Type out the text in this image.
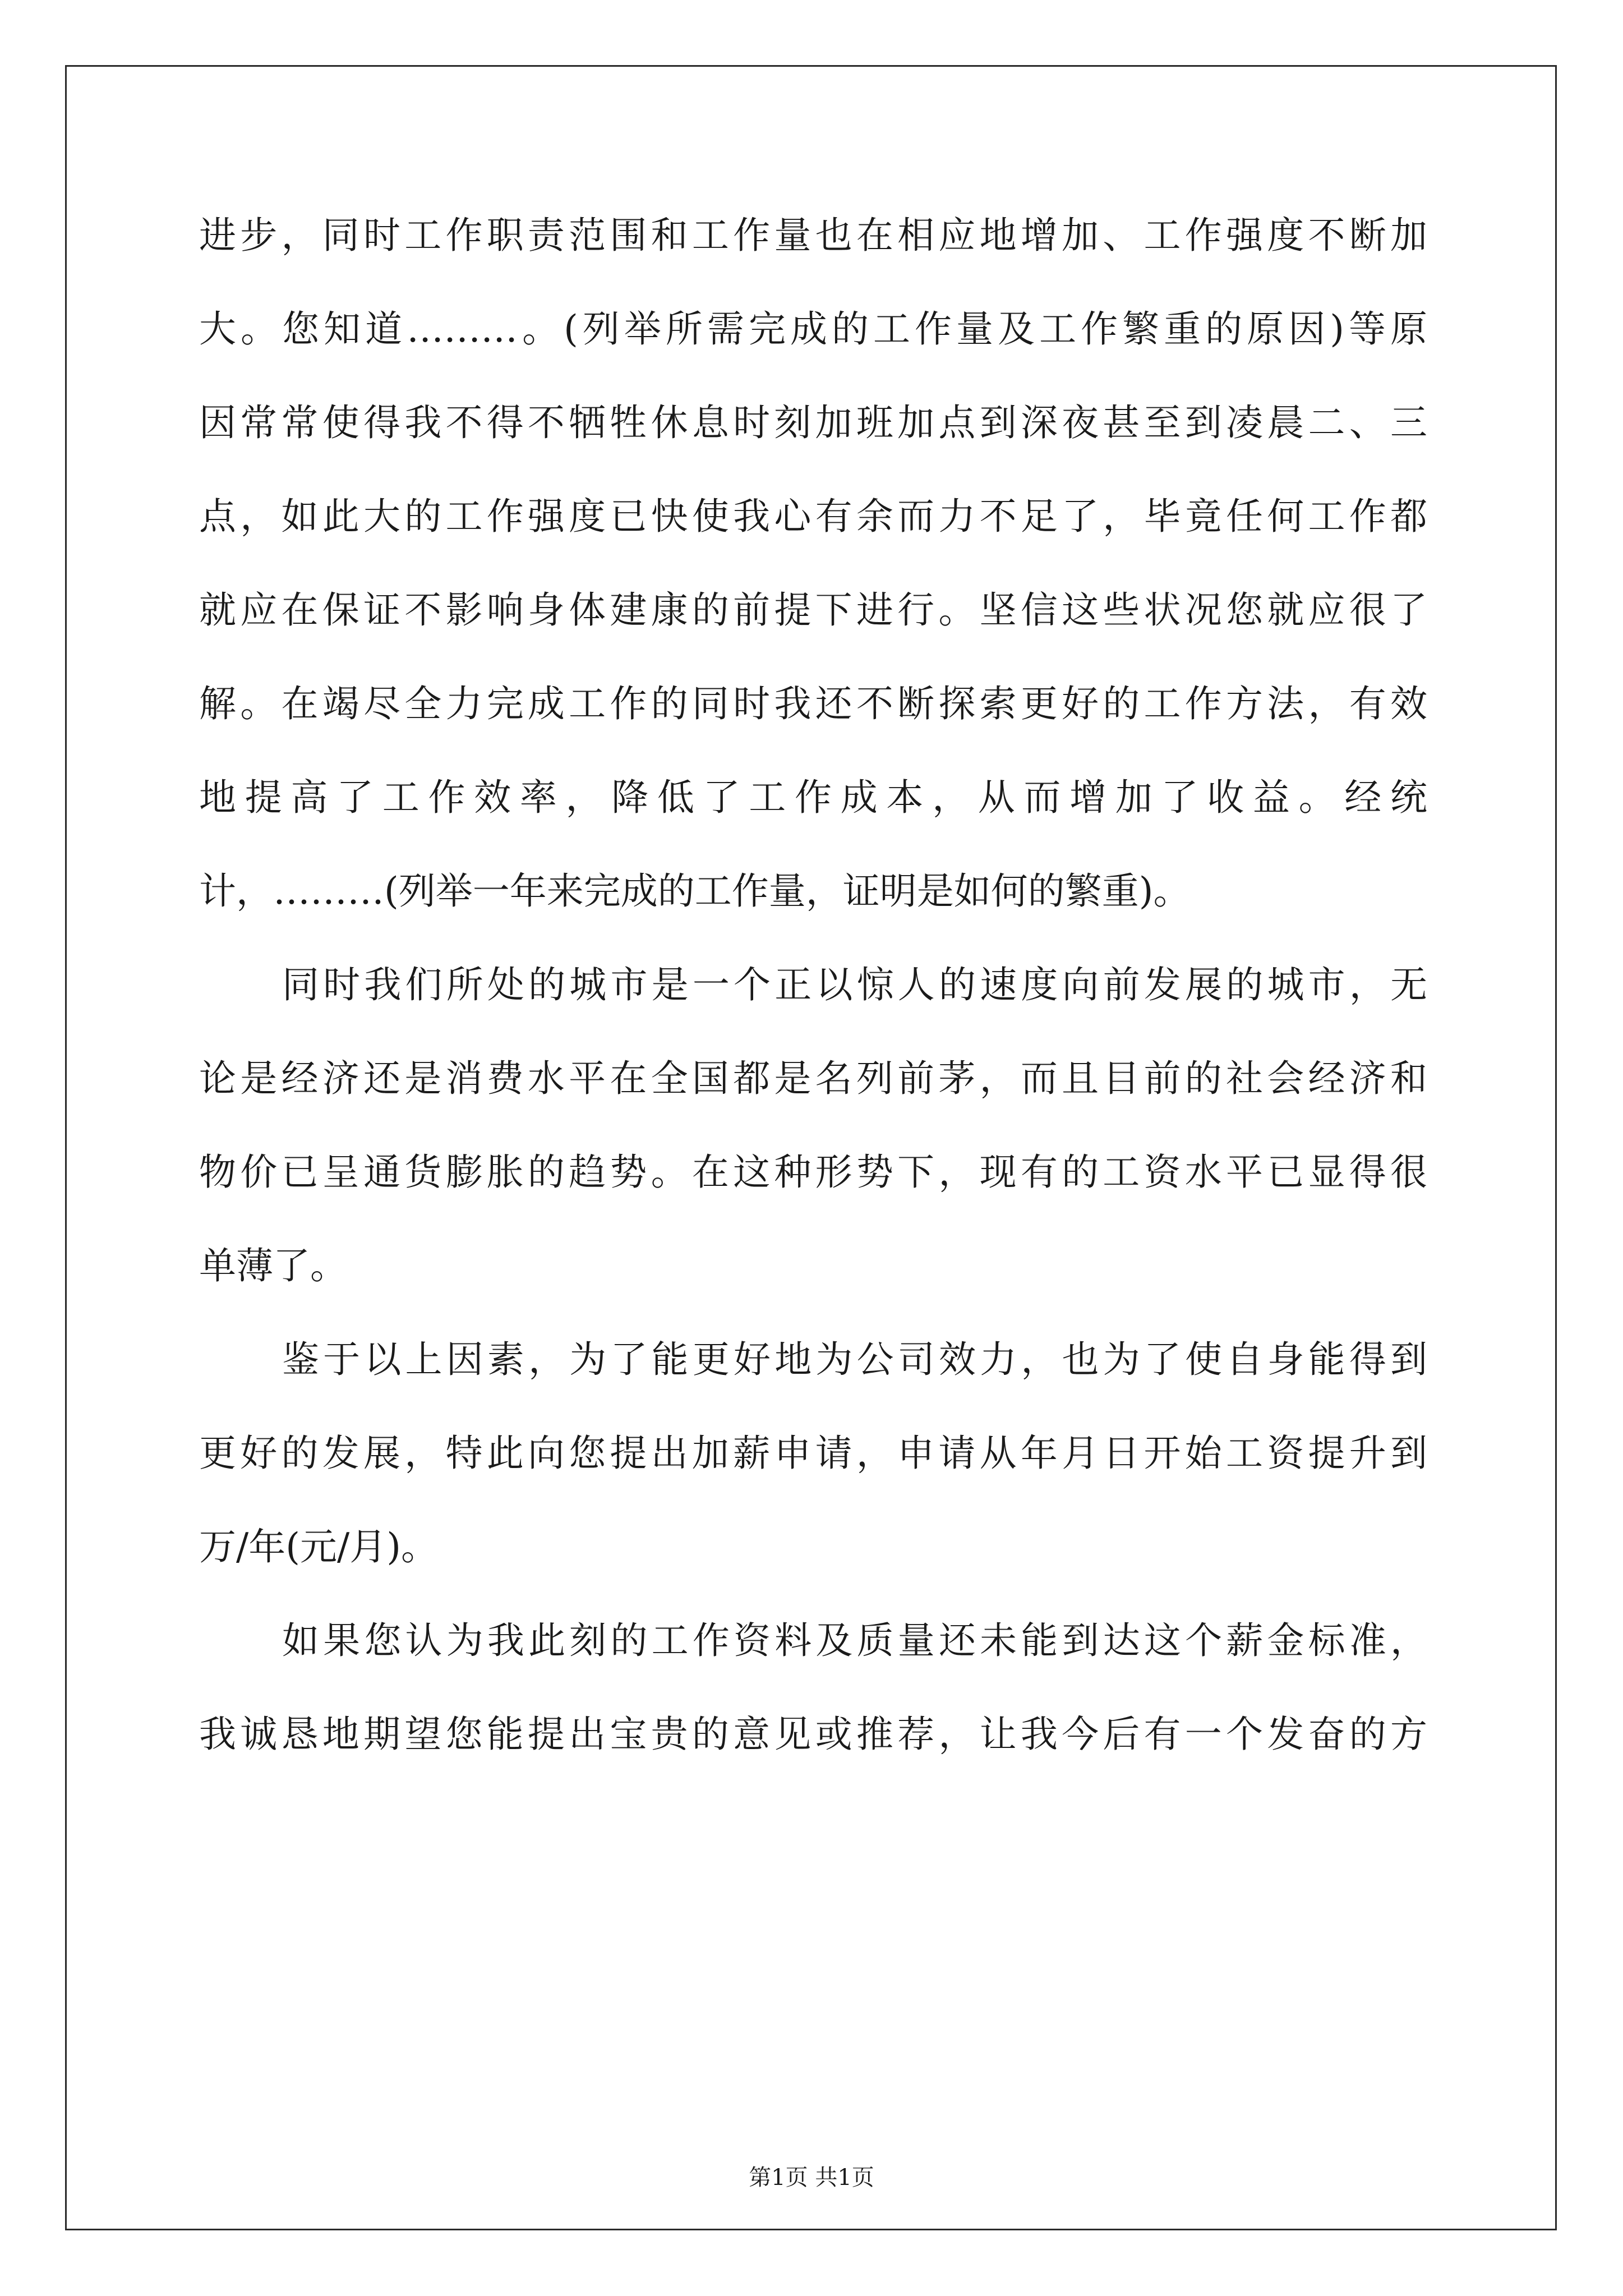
进步，同时工作职责范围和工作量也在相应地增加、工作强度不断加
大。您知道………。(列举所需完成的工作量及工作繁重的原因)等原
因常常使得我不得不牺牲休息时刻加班加点到深夜甚至到凌晨二、三
点，如此大的工作强度已快使我心有余而力不足了，毕竟任何工作都
就应在保证不影响身体建康的前提下进行。坚信这些状况您就应很了
解。在竭尽全力完成工作的同时我还不断探索更好的工作方法，有效
地提高了工作效率，降低了工作成本，从而增加了收益。经统
计，………(列举一年来完成的工作量，证明是如何的繁重)。
同时我们所处的城市是一个正以惊人的速度向前发展的城市，无
论是经济还是消费水平在全国都是名列前茅，而且目前的社会经济和
物价已呈通货膨胀的趋势。在这种形势下，现有的工资水平已显得很
单薄了。
鉴于以上因素，为了能更好地为公司效力，也为了使自身能得到
更好的发展，特此向您提出加薪申请，申请从年月日开始工资提升到
万/年(元/月)。
如果您认为我此刻的工作资料及质量还未能到达这个薪金标准，
我诚恳地期望您能提出宝贵的意见或推荐，让我今后有一个发奋的方
第1页 共1页
